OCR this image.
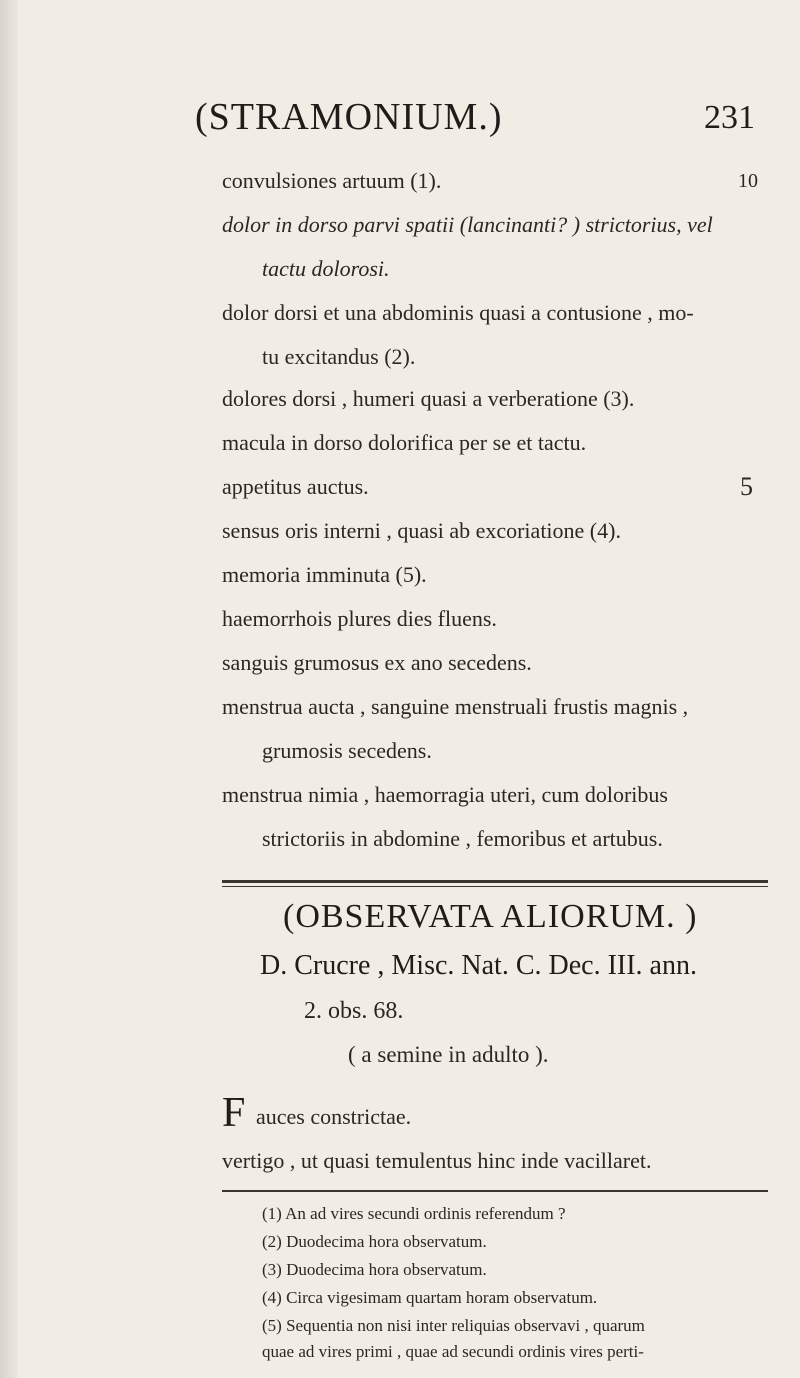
(STRAMONIUM.)	231
convulsiones artuum (1).	10
dolor in dorso parvi spatii (lancinanti? ) strictorius, vel
tactu dolorosi.
dolor dorsi et una abdominis quasi a contusione , mo-
tu excitandus (2).
dolores dorsi , humeri quasi a verberatione (3).
macula in dorso dolorifica per se et tactu.
appetitus auctus.	5
sensus oris interni , quasi ab excoriatione (4).
memoria imminuta (5).
haemorrhois plures dies fluens.
sanguis grumosus ex ano secedens.
menstrua aucta , sanguine menstruali frustis magnis ,
grumosis secedens.
menstrua nimia , haemorragia uteri, cum doloribus
strictoriis in abdomine , femoribus et artubus.
(OBSERVATA ALIORUM. )
D. Crucre , Misc. Nat. C. Dec. III. ann.
2. obs. 68.
( a semine in adulto ).
F auces constrictae.
vertigo , ut quasi temulentus hinc inde vacillaret.
(1) An ad vires secundi ordinis referendum ?
(2) Duodecima hora observatum.
(3) Duodecima hora observatum.
(4) Circa vigesimam quartam horam observatum.
(5) Sequentia non nisi inter reliquias observavi , quarum
quae ad vires primi , quae ad secundi ordinis vires perti-
